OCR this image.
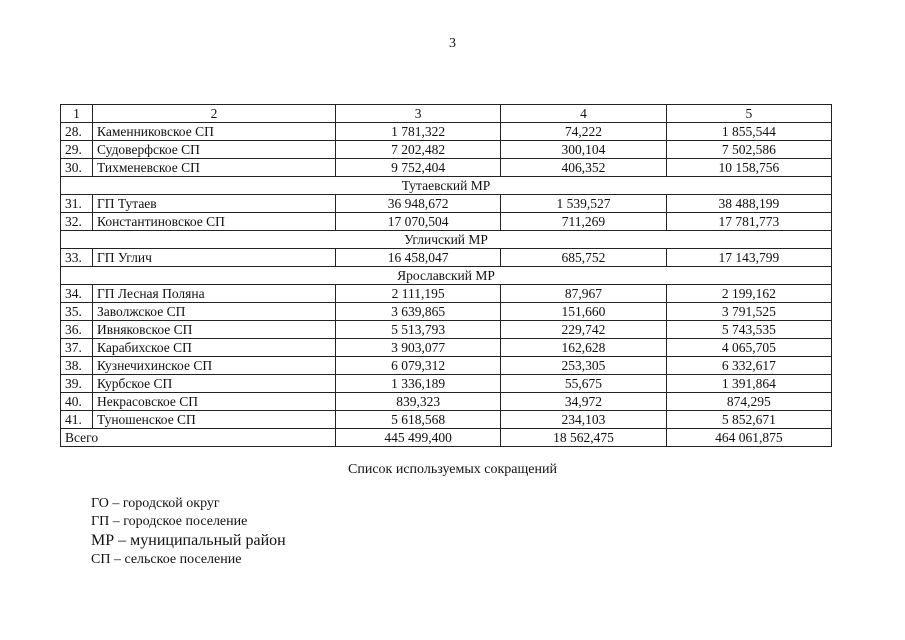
3
1	2	3	4	5
28.	Каменниковское СП	1 781,322	74,222	1 855,544
29.	Судоверфское СП	7 202,482	300,104	7 502,586
30.	Тихменевское СП	9 752,404	406,352	10 158,756
Тутаевский МР				
31.	ГП Тутаев	36 948,672	1 539,527	38 488,199
32.	Константиновское СП	17 070,504	711,269	17 781,773
Угличский МР				
33.	ГП Углич	16 458,047	685,752	17 143,799
Ярославский МР				
34.	ГП Лесная Поляна	2 111,195	87,967	2 199,162
35.	Заволжское СП	3 639,865	151,660	3 791,525
36.	Ивняковское СП	5 513,793	229,742	5 743,535
37.	Карабихское СП	3 903,077	162,628	4 065,705
38.	Кузнечихинское СП	6 079,312	253,305	6 332,617
39.	Курбское СП	1 336,189	55,675	1 391,864
40.	Некрасовское СП	839,323	34,972	874,295
41.	Туношенское СП	5 618,568	234,103	5 852,671
Всего		445 499,400	18 562,475	464 061,875
Список используемых сокращений
ГО – городской округ
ГП – городское поселение
МР – муниципальный район
СП – сельское поселение
